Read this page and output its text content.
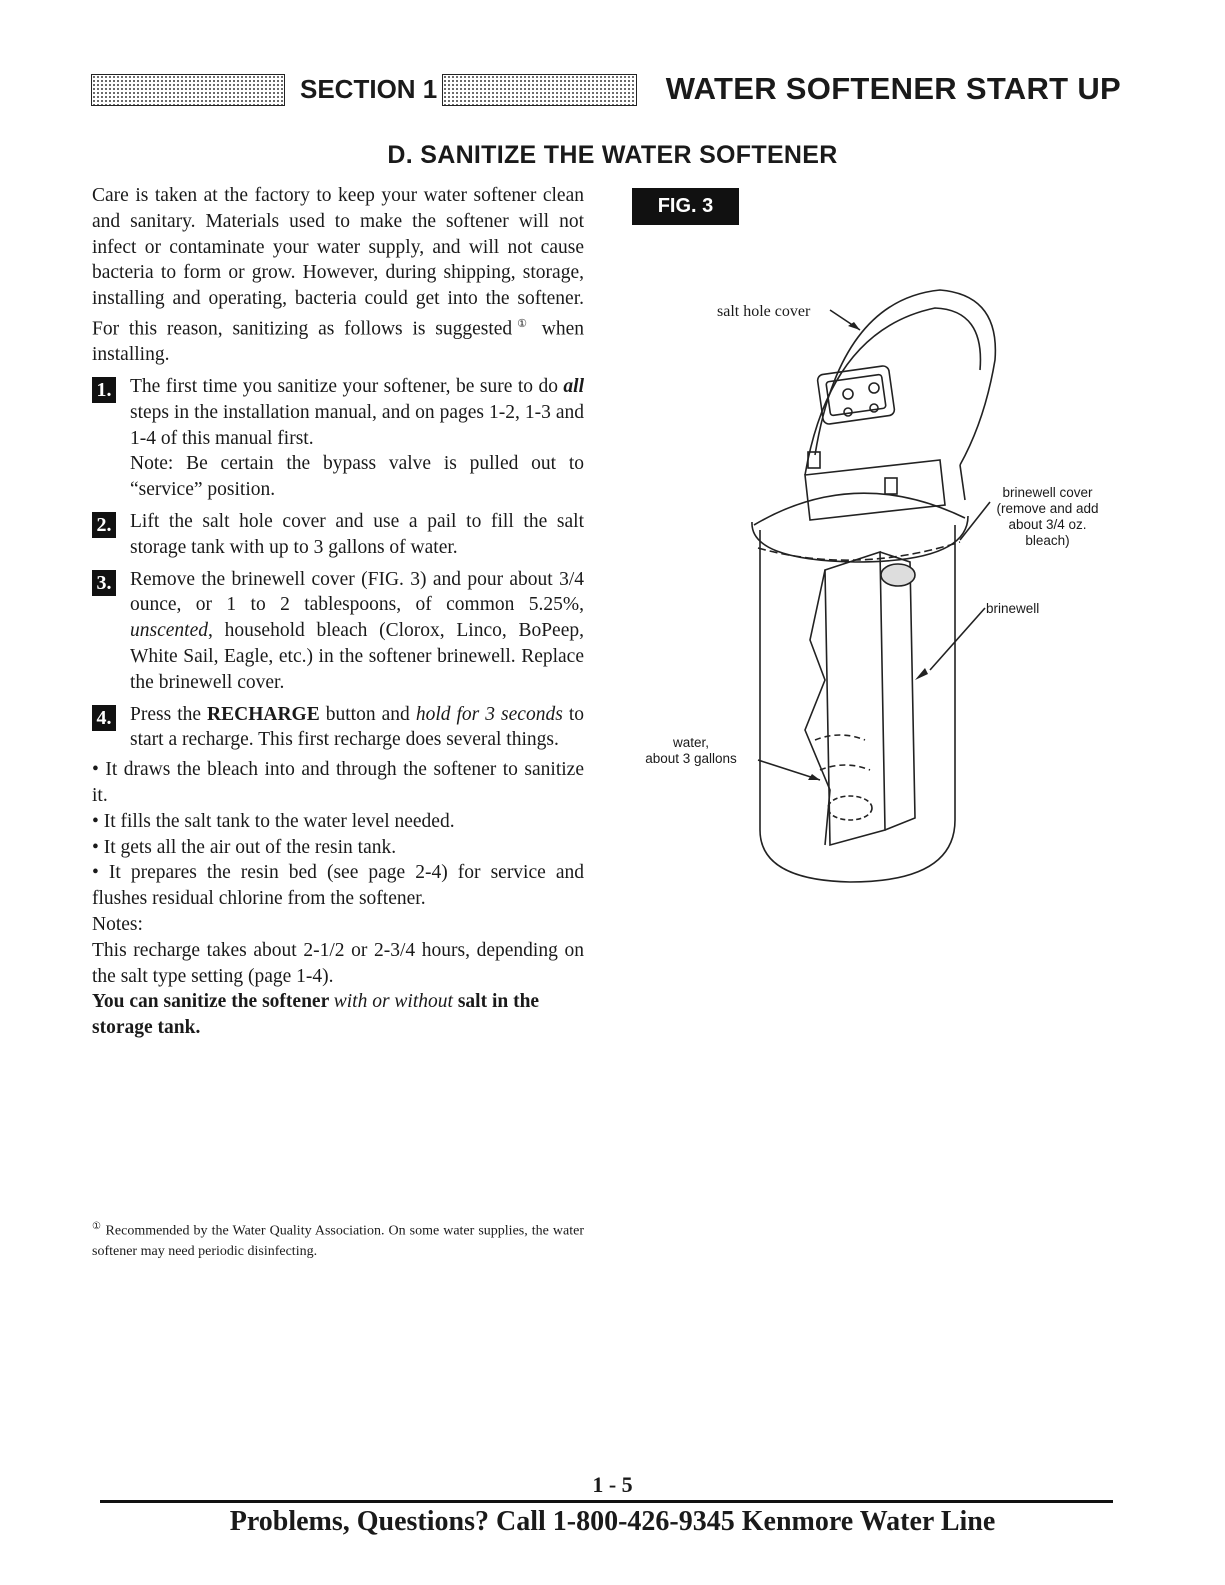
SECTION 1	WATER SOFTENER START UP
D. SANITIZE THE WATER SOFTENER

Care is taken at the factory to keep your water softener clean and sanitary. Materials used to make the softener will not infect or contaminate your water supply, and will not cause bacteria to form or grow. However, during shipping, storage, installing and operating, bacteria could get into the softener. For this reason, sanitizing as follows is suggested① when installing.

1. The first time you sanitize your softener, be sure to do all steps in the installation manual, and on pages 1-2, 1-3 and 1-4 of this manual first.
Note: Be certain the bypass valve is pulled out to “service” position.
2. Lift the salt hole cover and use a pail to fill the salt storage tank with up to 3 gallons of water.
3. Remove the brinewell cover (FIG. 3) and pour about 3/4 ounce, or 1 to 2 tablespoons, of common 5.25%, unscented, household bleach (Clorox, Linco, BoPeep, White Sail, Eagle, etc.) in the softener brinewell. Replace the brinewell cover.
4. Press the RECHARGE button and hold for 3 seconds to start a recharge. This first recharge does several things.

• It draws the bleach into and through the softener to sanitize it.

• It fills the salt tank to the water level needed.

• It gets all the air out of the resin tank.

• It prepares the resin bed (see page 2-4) for service and flushes residual chlorine from the softener.

Notes:

This recharge takes about 2-1/2 or 2-3/4 hours, depending on the salt type setting (page 1-4).

You can sanitize the softener with or without salt in the storage tank.

① Recommended by the Water Quality Association. On some water supplies, the water softener may need periodic disinfecting.
FIG. 3
salt hole cover
brinewell cover
(remove and add
about 3/4 oz.
bleach)
brinewell
water,
about 3 gallons
1 - 5
Problems, Questions? Call 1-800-426-9345 Kenmore Water Line
